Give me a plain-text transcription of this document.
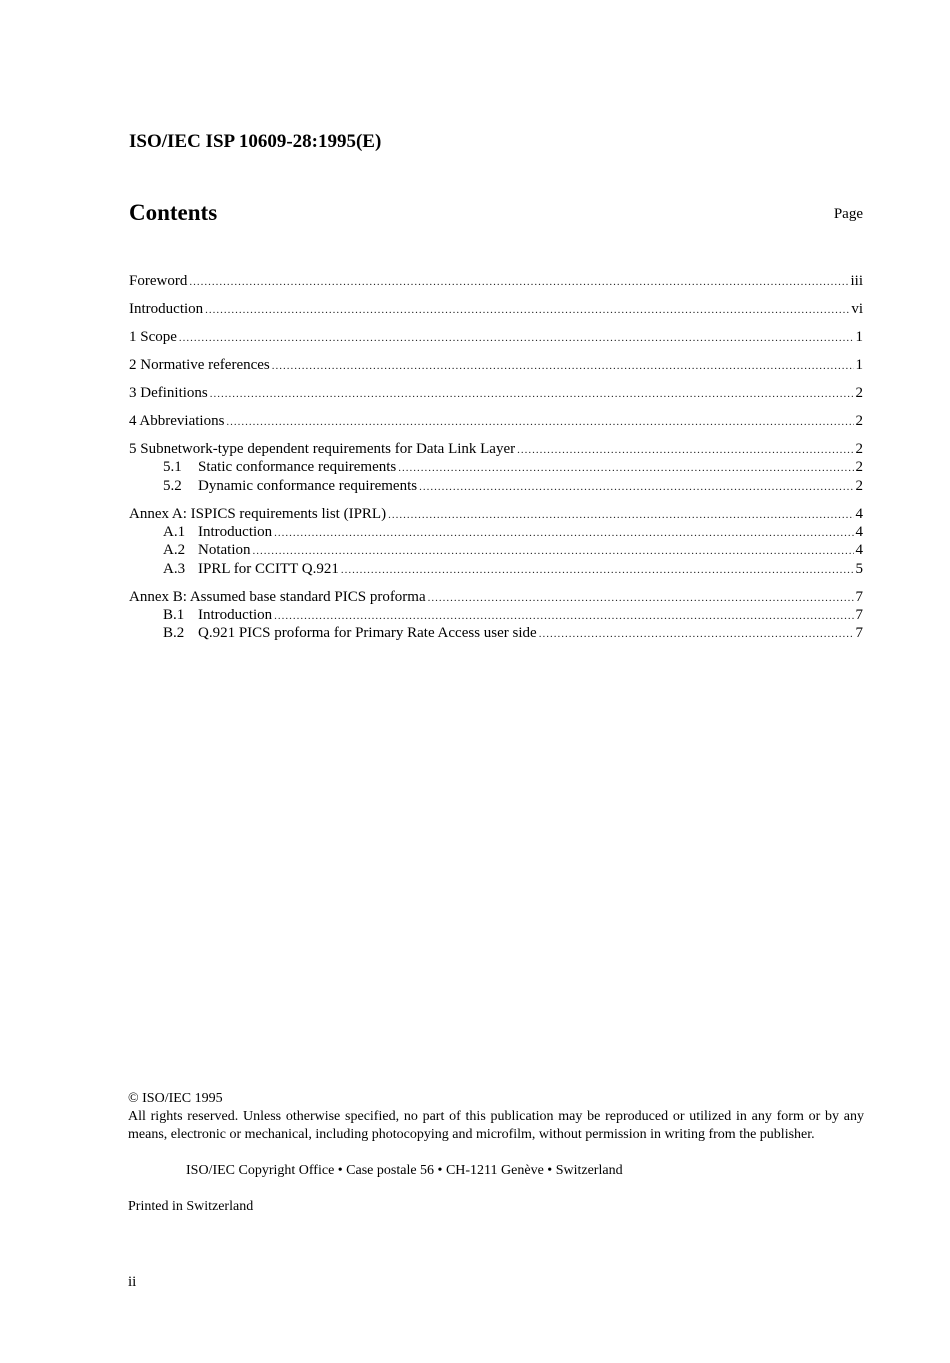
ISO/IEC ISP 10609-28:1995(E)
Contents	Page
Foreword .....	iii
Introduction .....	vi
1 Scope .....	1
2 Normative references .....	1
3 Definitions .....	2
4 Abbreviations .....	2
5 Subnetwork-type dependent requirements for Data Link Layer .....	2
5.1	Static conformance requirements .....	2
5.2	Dynamic conformance requirements .....	2
Annex A: ISPICS requirements list (IPRL) .....	4
A.1 Introduction .....	4
A.2 Notation .....	4
A.3 IPRL for CCITT Q.921 .....	5
Annex B: Assumed base standard PICS proforma .....	7
B.1 Introduction .....	7
B.2 Q.921 PICS proforma for Primary Rate Access user side .....	7
© ISO/IEC 1995
All rights reserved. Unless otherwise specified, no part of this publication may be reproduced or utilized in any form or by any means, electronic or mechanical, including photocopying and microfilm, without permission in writing from the publisher.
ISO/IEC Copyright Office • Case postale 56 • CH-1211 Genève • Switzerland
Printed in Switzerland
ii
